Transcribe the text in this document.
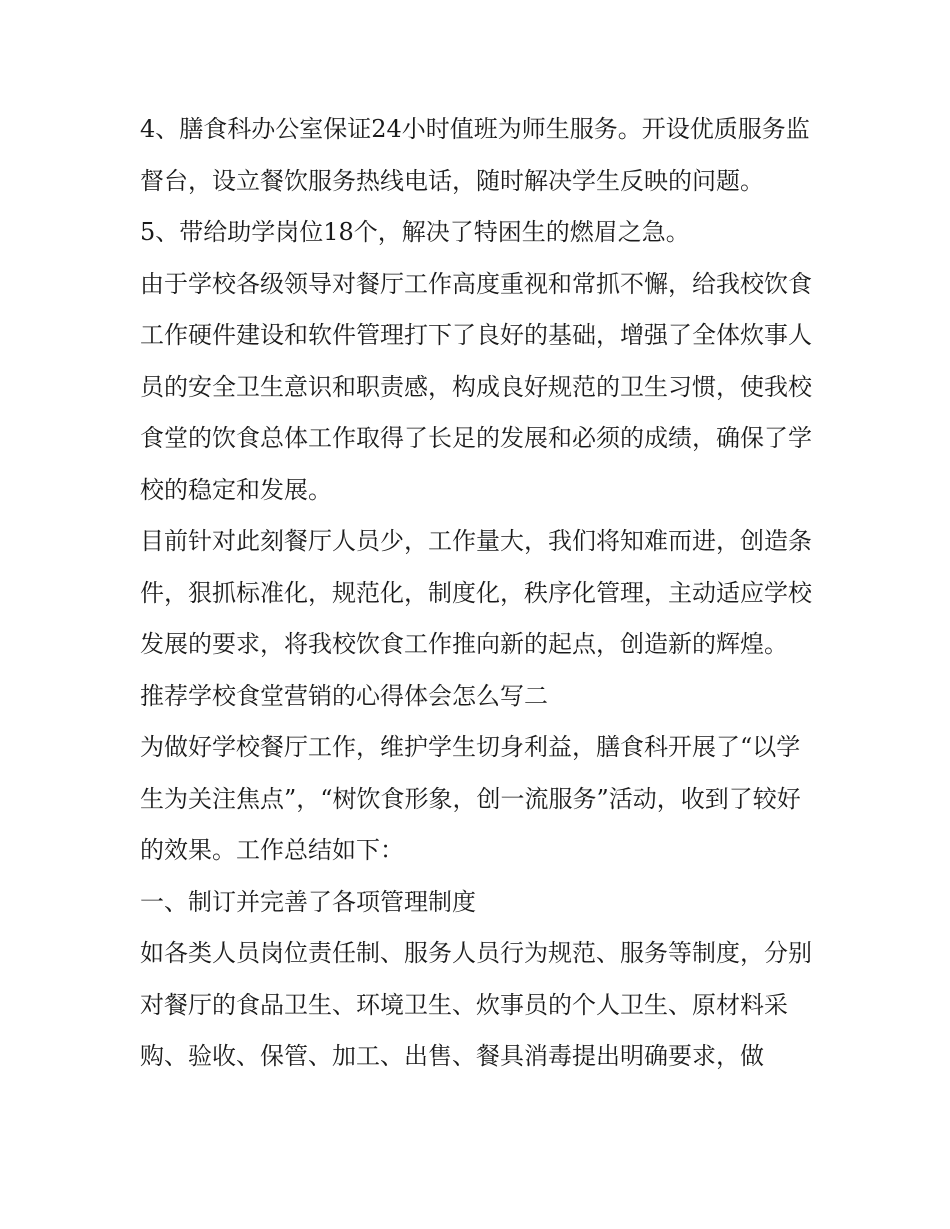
4、膳食科办公室保证24小时值班为师生服务。开设优质服务监督台，设立餐饮服务热线电话，随时解决学生反映的问题。

5、带给助学岗位18个，解决了特困生的燃眉之急。

由于学校各级领导对餐厅工作高度重视和常抓不懈，给我校饮食工作硬件建设和软件管理打下了良好的基础，增强了全体炊事人员的安全卫生意识和职责感，构成良好规范的卫生习惯，使我校食堂的饮食总体工作取得了长足的发展和必须的成绩，确保了学校的稳定和发展。

目前针对此刻餐厅人员少，工作量大，我们将知难而进，创造条件，狠抓标准化，规范化，制度化，秩序化管理，主动适应学校发展的要求，将我校饮食工作推向新的起点，创造新的辉煌。

推荐学校食堂营销的心得体会怎么写二

为做好学校餐厅工作，维护学生切身利益，膳食科开展了“以学生为关注焦点”，“树饮食形象，创一流服务”活动，收到了较好的效果。工作总结如下：

一、制订并完善了各项管理制度

如各类人员岗位责任制、服务人员行为规范、服务等制度，分别对餐厅的食品卫生、环境卫生、炊事员的个人卫生、原材料采购、验收、保管、加工、出售、餐具消毒提出明确要求，做
